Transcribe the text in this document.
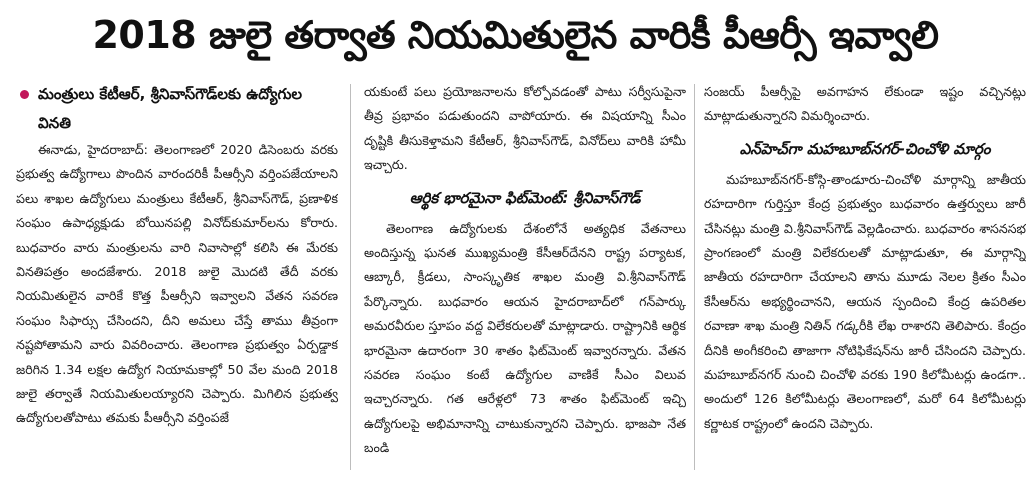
2018 జులై తర్వాత నియమితులైన వారికీ పీఆర్సీ ఇవ్వాలి
మంత్రులు కేటీఆర్‌, శ్రీనివాస్‌గౌడ్‌లకు ఉద్యోగుల వినతి

ఈనాడు, హైదరాబాద్‌: తెలంగాణలో 2020 డిసెంబరు వరకు ప్రభుత్వ ఉద్యోగాలు పొందిన వారందరికీ పీఆర్సీని వర్తింపజేయాలని పలు శాఖల ఉద్యోగులు మంత్రులు కేటీఆర్‌, శ్రీనివాస్‌గౌడ్‌, ప్రణాళిక సంఘం ఉపాధ్యక్షుడు బోయినపల్లి వినోద్‌కుమార్‌లను కోరారు. బుధవారం వారు మంత్రులను వారి నివాసాల్లో కలిసి ఈ మేరకు వినతిపత్రం అందజేశారు. 2018 జులై మొదటి తేదీ వరకు నియమితులైన వారికే కొత్త పీఆర్సీని ఇవ్వాలని వేతన సవరణ సంఘం సిఫార్సు చేసిందని, దీని అమలు చేస్తే తాము తీవ్రంగా నష్టపోతామని వారు వివరించారు. తెలంగాణ ప్రభుత్వం ఏర్పడ్డాక జరిగిన 1.34 లక్షల ఉద్యోగ నియామకాల్లో 50 వేల మంది 2018 జులై తర్వాతే నియమితులయ్యారని చెప్పారు. మిగిలిన ప్రభుత్వ ఉద్యోగులతోపాటు తమకు పీఆర్సీని వర్తింపజే

యకుంటే పలు ప్రయోజనాలను కోల్పోవడంతో పాటు సర్వీసుపైనా తీవ్ర ప్రభావం పడుతుందని వాపోయారు. ఈ విషయాన్ని సీఎం దృష్టికి తీసుకెళ్తామని కేటీఆర్‌, శ్రీనివాస్‌గౌడ్‌, వినోద్‌లు వారికి హామీ ఇచ్చారు.

ఆర్థిక భారమైనా ఫిట్‌మెంట్‌: శ్రీనివాస్‌గౌడ్‌

తెలంగాణ ఉద్యోగులకు దేశంలోనే అత్యధిక వేతనాలు అందిస్తున్న ఘనత ముఖ్యమంత్రి కేసీఆర్‌దేనని రాష్ట్ర పర్యాటక, ఆబ్కారీ, క్రీడలు, సాంస్కృతిక శాఖల మంత్రి వి.శ్రీనివాస్‌గౌడ్‌ పేర్కొన్నారు. బుధవారం ఆయన హైదరాబాద్‌లో గన్‌పార్కు అమరవీరుల స్తూపం వద్ద విలేకరులతో మాట్లాడారు. రాష్ట్రానికి ఆర్థిక భారమైనా ఉదారంగా 30 శాతం ఫిట్‌మెంట్‌ ఇవ్వారన్నారు. వేతన సవరణ సంఘం కంటే ఉద్యోగుల వాణికే సీఎం విలువ ఇచ్చారన్నారు. గత ఆరేళ్లలో 73 శాతం ఫిట్‌మెంట్‌ ఇచ్చి ఉద్యోగులపై అభిమానాన్ని చాటుకున్నారని చెప్పారు. భాజపా నేత బండి

సంజయ్‌ పీఆర్సీపై అవగాహన లేకుండా ఇష్టం వచ్చినట్లు మాట్లాడుతున్నారని విమర్శించారు.

ఎన్‌హెచ్‌గా మహబూబ్‌నగర్‌-చించోళి మార్గం

మహబూబ్‌నగర్‌-కోస్గి-తాండూరు-చించోళి మార్గాన్ని జాతీయ రహదారిగా గుర్తిస్తూ కేంద్ర ప్రభుత్వం బుధవారం ఉత్తర్వులు జారీ చేసినట్లు మంత్రి వి.శ్రీనివాస్‌గౌడ్‌ వెల్లడించారు. బుధవారం శాసనసభ ప్రాంగణంలో మంత్రి విలేకరులతో మాట్లాడుతూ, ఈ మార్గాన్ని జాతీయ రహదారిగా చేయాలని తాను మూడు నెలల క్రితం సీఎం కేసీఆర్‌ను అభ్యర్థించానని, ఆయన స్పందించి కేంద్ర ఉపరితల రవాణా శాఖ మంత్రి నితిన్‌ గడ్కరీకి లేఖ రాశారని తెలిపారు. కేంద్రం దీనికి అంగీకరించి తాజాగా నోటిఫికేషన్‌ను జారీ చేసిందని చెప్పారు. మహబూబ్‌నగర్‌ నుంచి చించోళి వరకు 190 కిలోమీటర్లు ఉండగా.. అందులో 126 కిలోమీటర్లు తెలంగాణలో, మరో 64 కిలోమీటర్లు కర్ణాటక రాష్ట్రంలో ఉందని చెప్పారు.
